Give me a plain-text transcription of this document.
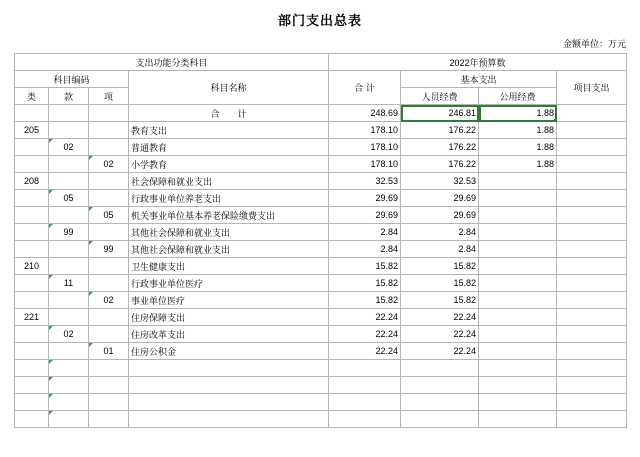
部门支出总表
金额单位：万元
支出功能分类科目				2022年预算数			
科目编码			科目名称	合 计	基本支出		项目支出
类	款	项			人员经费	公用经费	
			合　　计	248.69	246.81	1.88

205			教育支出	178.10	176.22	1.88	
	02		普通教育	178.10	176.22	1.88	
		02	小学教育	178.10	176.22	1.88	
208			社会保障和就业支出	32.53	32.53		
	05		行政事业单位养老支出	29.69	29.69		
		05	机关事业单位基本养老保险缴费支出	29.69	29.69		
	99		其他社会保障和就业支出	2.84	2.84		
		99	其他社会保障和就业支出	2.84	2.84		
210			卫生健康支出	15.82	15.82		
	11		行政事业单位医疗	15.82	15.82		
		02	事业单位医疗	15.82	15.82		
221			住房保障支出	22.24	22.24		
	02		住房改革支出	22.24	22.24		
		01	住房公积金	22.24	22.24		
